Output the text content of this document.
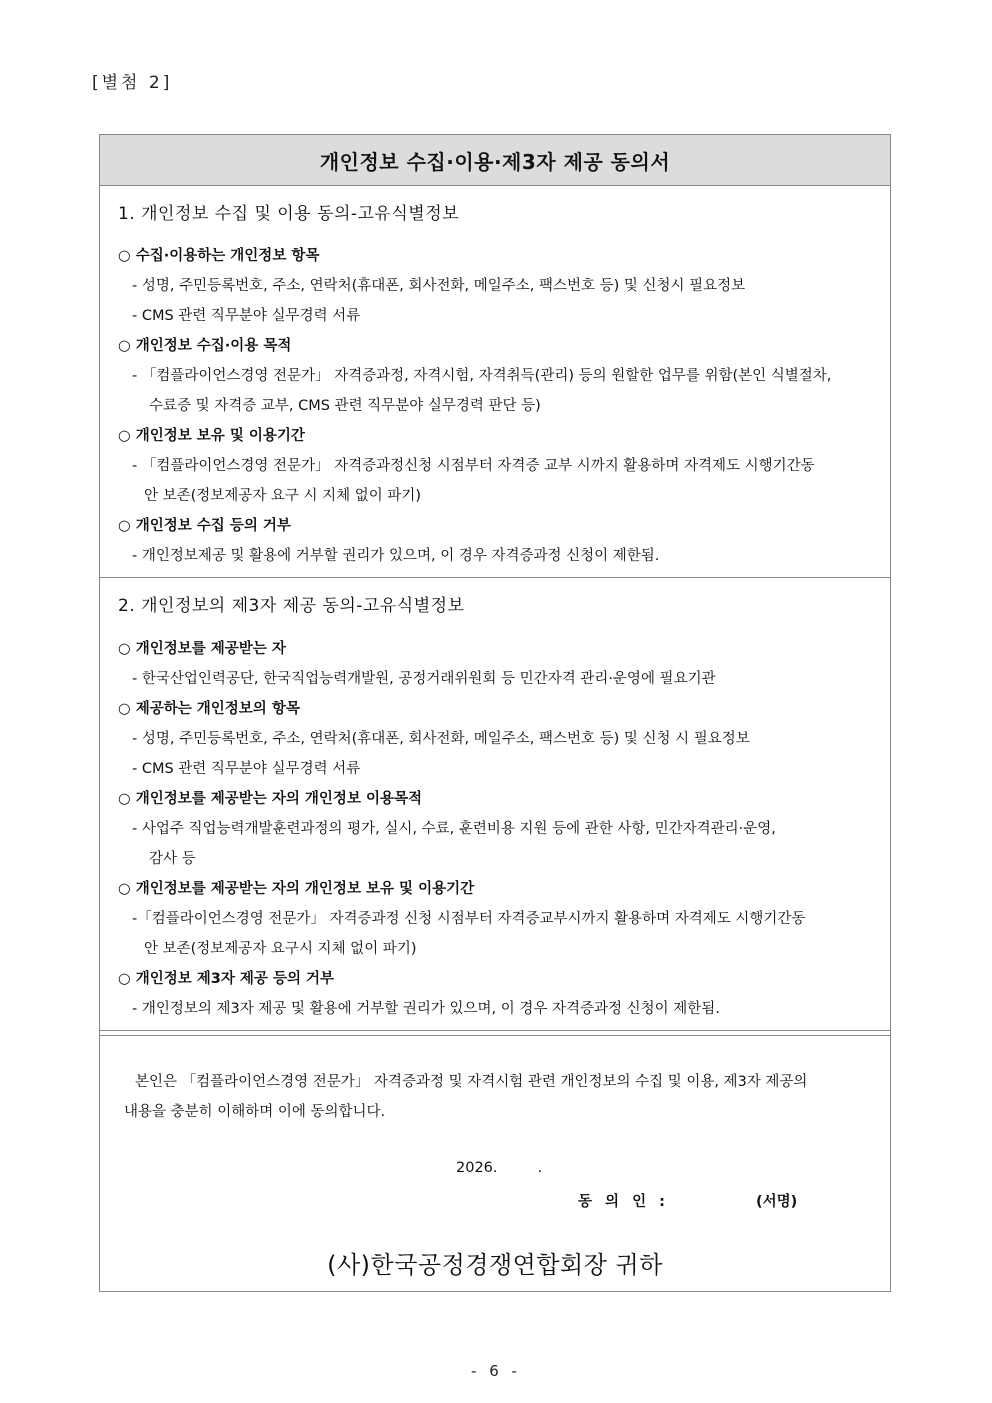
[별첨 2]
개인정보 수집·이용·제3자 제공 동의서
1. 개인정보 수집 및 이용 동의-고유식별정보
○ 수집·이용하는 개인정보 항목
- 성명, 주민등록번호, 주소, 연락처(휴대폰, 회사전화, 메일주소, 팩스번호 등) 및 신청시 필요정보
- CMS 관련 직무분야 실무경력 서류
○ 개인정보 수집·이용 목적
- 「컴플라이언스경영 전문가」 자격증과정, 자격시험, 자격취득(관리) 등의 원할한 업무를 위함(본인 식별절차,
수료증 및 자격증 교부, CMS 관련 직무분야 실무경력 판단 등)
○ 개인정보 보유 및 이용기간
- 「컴플라이언스경영 전문가」 자격증과정신청 시점부터 자격증 교부 시까지 활용하며 자격제도 시행기간동
안 보존(정보제공자 요구 시 지체 없이 파기)
○ 개인정보 수집 등의 거부
- 개인정보제공 및 활용에 거부할 권리가 있으며, 이 경우 자격증과정 신청이 제한됨.
2. 개인정보의 제3자 제공 동의-고유식별정보
○ 개인정보를 제공받는 자
- 한국산업인력공단, 한국직업능력개발원, 공정거래위원회 등 민간자격 관리·운영에 필요기관
○ 제공하는 개인정보의 항목
- 성명, 주민등록번호, 주소, 연락처(휴대폰, 회사전화, 메일주소, 팩스번호 등) 및 신청 시 필요정보
- CMS 관련 직무분야 실무경력 서류
○ 개인정보를 제공받는 자의 개인정보 이용목적
- 사업주 직업능력개발훈련과정의 평가, 실시, 수료, 훈련비용 지원 등에 관한 사항, 민간자격관리·운영,
감사 등
○ 개인정보를 제공받는 자의 개인정보 보유 및 이용기간
-「컴플라이언스경영 전문가」 자격증과정 신청 시점부터 자격증교부시까지 활용하며 자격제도 시행기간동
안 보존(정보제공자 요구시 지체 없이 파기)
○ 개인정보 제3자 제공 등의 거부
- 개인정보의 제3자 제공 및 활용에 거부할 권리가 있으며, 이 경우 자격증과정 신청이 제한됨.
본인은 「컴플라이언스경영 전문가」 자격증과정 및 자격시험 관련 개인정보의 수집 및 이용, 제3자 제공의
내용을 충분히 이해하며 이에 동의합니다.
2026.	.
동 의 인 :	(서명)
(사)한국공정경쟁연합회장 귀하
- 6 -
